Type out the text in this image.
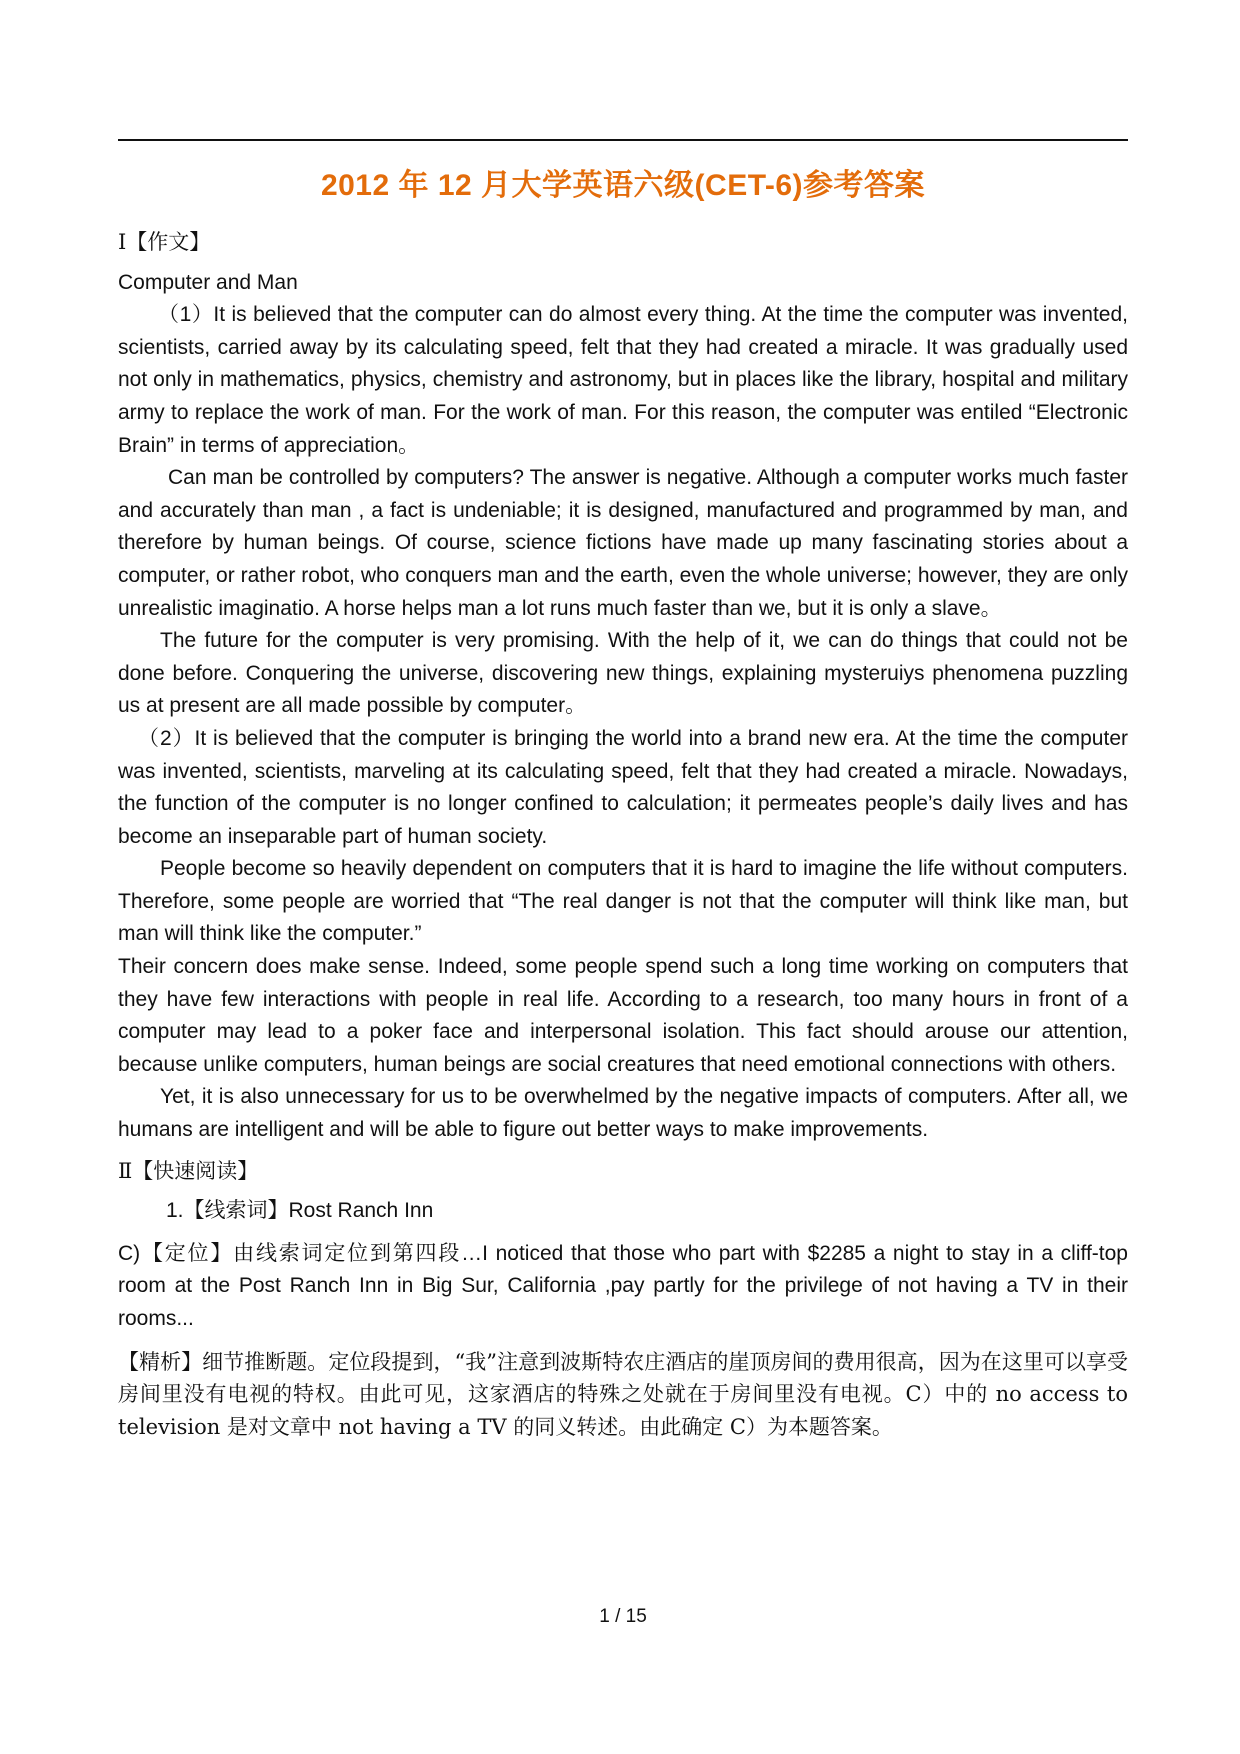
2012 年 12 月大学英语六级(CET-6)参考答案

Ⅰ【作文】

Computer and Man

（1）It is believed that the computer can do almost every thing. At the time the computer was invented, scientists, carried away by its calculating speed, felt that they had created a miracle. It was gradually used not only in mathematics, physics, chemistry and astronomy, but in places like the library, hospital and military army to replace the work of man. For the work of man. For this reason, the computer was entiled “Electronic Brain” in terms of appreciation。

Can man be controlled by computers? The answer is negative. Although a computer works much faster and accurately than man , a fact is undeniable; it is designed, manufactured and programmed by man, and therefore by human beings. Of course, science fictions have made up many fascinating stories about a computer, or rather robot, who conquers man and the earth, even the whole universe; however, they are only unrealistic imaginatio. A horse helps man a lot runs much faster than we, but it is only a slave。

The future for the computer is very promising. With the help of it, we can do things that could not be done before. Conquering the universe, discovering new things, explaining mysteruiys phenomena puzzling us at present are all made possible by computer。

（2）It is believed that the computer is bringing the world into a brand new era. At the time the computer was invented, scientists, marveling at its calculating speed, felt that they had created a miracle. Nowadays, the function of the computer is no longer confined to calculation; it permeates people’s daily lives and has become an inseparable part of human society.

People become so heavily dependent on computers that it is hard to imagine the life without computers. Therefore, some people are worried that “The real danger is not that the computer will think like man, but man will think like the computer.”

Their concern does make sense. Indeed, some people spend such a long time working on computers that they have few interactions with people in real life. According to a research, too many hours in front of a computer may lead to a poker face and interpersonal isolation. This fact should arouse our attention, because unlike computers, human beings are social creatures that need emotional connections with others.

Yet, it is also unnecessary for us to be overwhelmed by the negative impacts of computers. After all, we humans are intelligent and will be able to figure out better ways to make improvements.

Ⅱ【快速阅读】

1.【线索词】Rost Ranch Inn

C)【定位】由线索词定位到第四段…I noticed that those who part with $2285 a night to stay in a cliff-top room at the Post Ranch Inn in Big Sur, California ,pay partly for the privilege of not having a TV in their rooms...

【精析】细节推断题。定位段提到，“我”注意到波斯特农庄酒店的崖顶房间的费用很高，因为在这里可以享受房间里没有电视的特权。由此可见，这家酒店的特殊之处就在于房间里没有电视。C）中的 no access to television 是对文章中 not having a TV 的同义转述。由此确定 C）为本题答案。

1 / 15
